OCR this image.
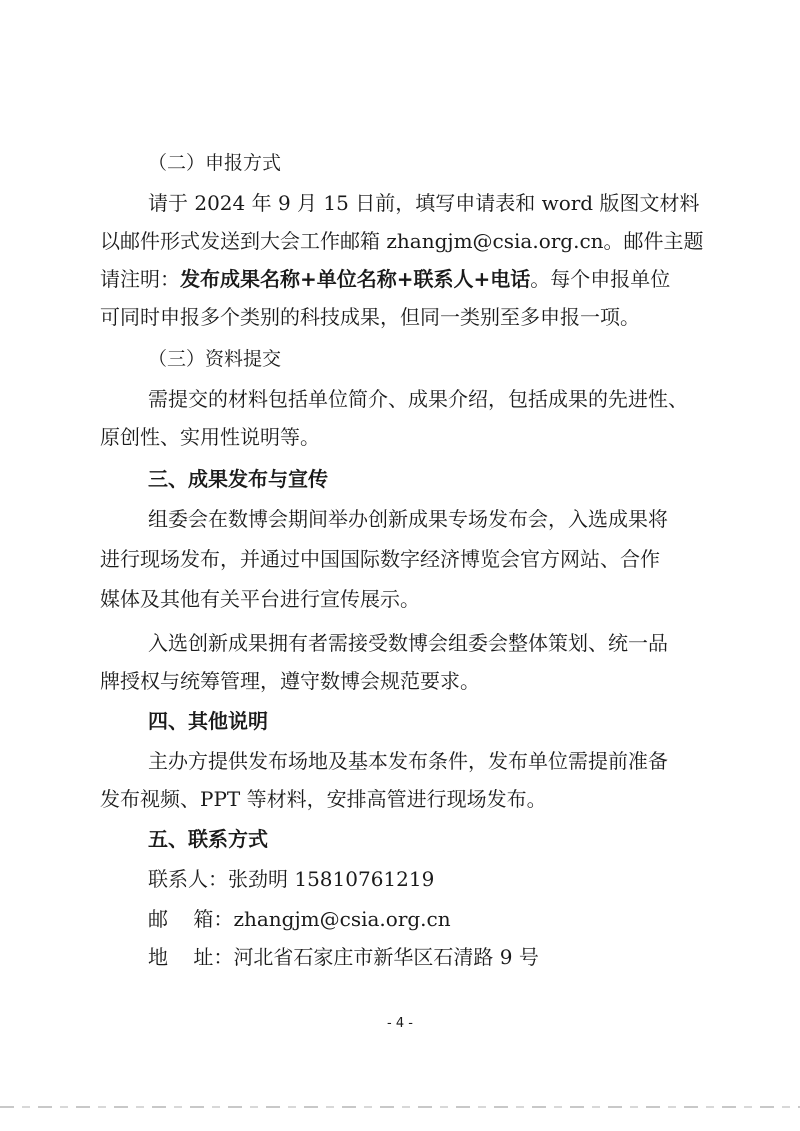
（二）申报方式
请于 2024 年 9 月 15 日前，填写申请表和 word 版图文材料
以邮件形式发送到大会工作邮箱 zhangjm@csia.org.cn。邮件主题
请注明：发布成果名称+单位名称+联系人+电话。每个申报单位
可同时申报多个类别的科技成果，但同一类别至多申报一项。
（三）资料提交
需提交的材料包括单位简介、成果介绍，包括成果的先进性、
原创性、实用性说明等。
三、成果发布与宣传
组委会在数博会期间举办创新成果专场发布会，入选成果将
进行现场发布，并通过中国国际数字经济博览会官方网站、合作
媒体及其他有关平台进行宣传展示。
入选创新成果拥有者需接受数博会组委会整体策划、统一品
牌授权与统筹管理，遵守数博会规范要求。
四、其他说明
主办方提供发布场地及基本发布条件，发布单位需提前准备
发布视频、PPT 等材料，安排高管进行现场发布。
五、联系方式
联系人：张劲明 15810761219
邮    箱：zhangjm@csia.org.cn
地    址：河北省石家庄市新华区石清路 9 号
- 4 -
